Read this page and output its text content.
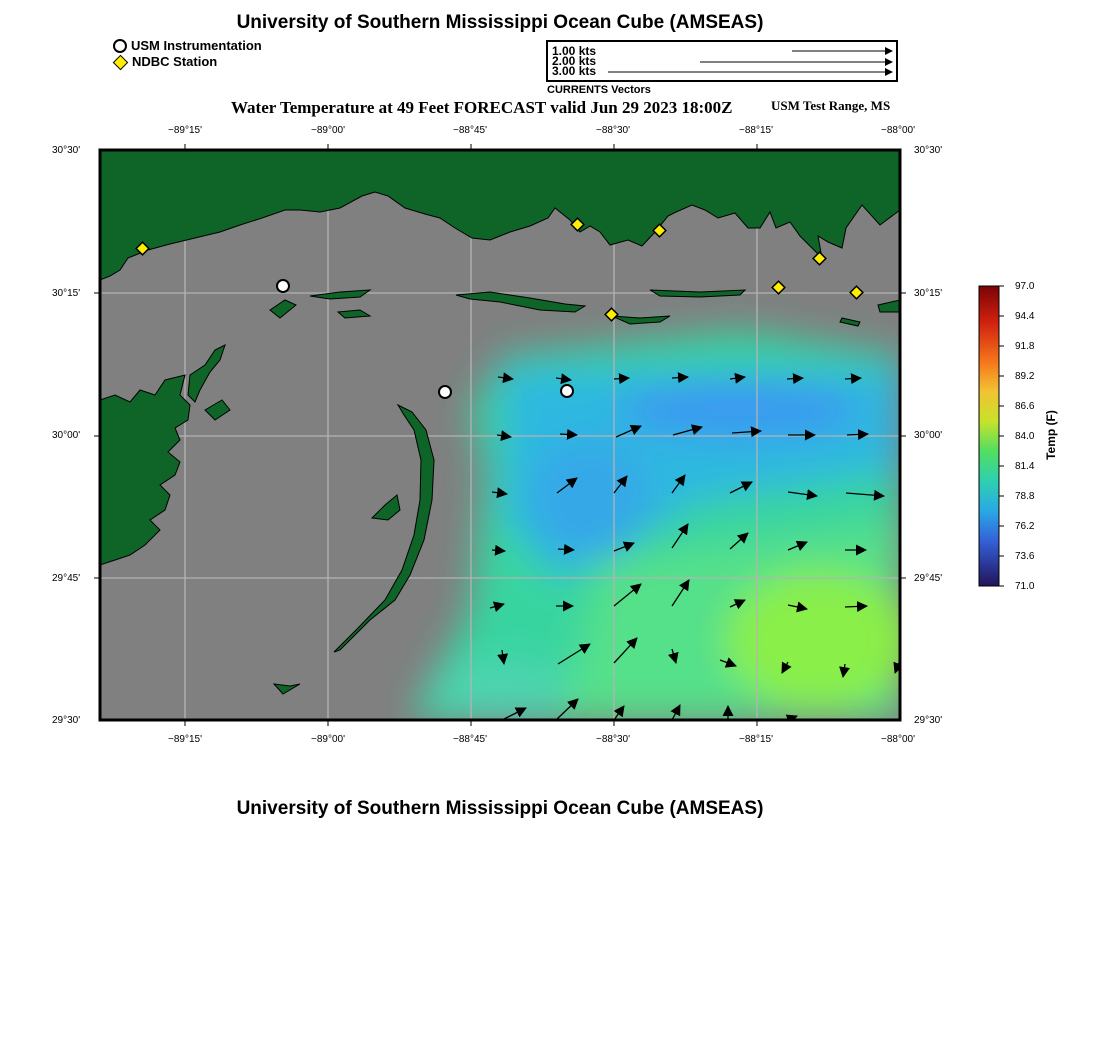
University of Southern Mississippi Ocean Cube (AMSEAS)
USM Instrumentation
NDBC Station
1.00 kts
2.00 kts
3.00 kts
CURRENTS Vectors
Water Temperature at 49 Feet FORECAST valid Jun 29 2023 18:00Z	USM Test Range, MS
−89°15'	−89°00'	−88°45'	−88°30'	−88°15'	−88°00'
−89°15'	−89°00'	−88°45'	−88°30'	−88°15'	−88°00'
30°30'
30°15'
30°00'
29°45'
29°30'
30°30'
30°15'
30°00'
29°45'
29°30'
97.0
94.4
91.8
89.2
86.6
84.0
81.4
78.8
76.2
73.6
71.0
Temp (F)
University of Southern Mississippi Ocean Cube (AMSEAS)
